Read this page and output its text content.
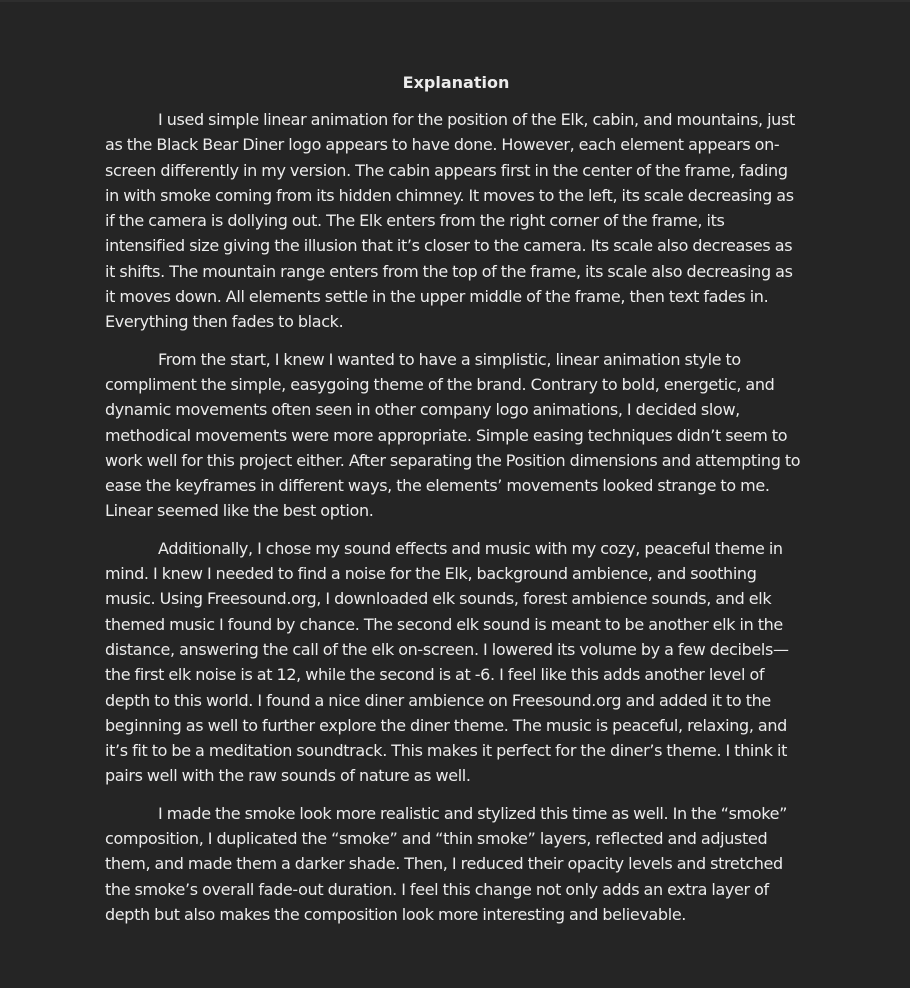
Explanation

I used simple linear animation for the position of the Elk, cabin, and mountains, just as the Black Bear Diner logo appears to have done. However, each element appears on-screen differently in my version. The cabin appears first in the center of the frame, fading in with smoke coming from its hidden chimney. It moves to the left, its scale decreasing as if the camera is dollying out. The Elk enters from the right corner of the frame, its intensified size giving the illusion that it’s closer to the camera. Its scale also decreases as it shifts. The mountain range enters from the top of the frame, its scale also decreasing as it moves down. All elements settle in the upper middle of the frame, then text fades in. Everything then fades to black.

From the start, I knew I wanted to have a simplistic, linear animation style to compliment the simple, easygoing theme of the brand. Contrary to bold, energetic, and dynamic movements often seen in other company logo animations, I decided slow, methodical movements were more appropriate. Simple easing techniques didn’t seem to work well for this project either. After separating the Position dimensions and attempting to ease the keyframes in different ways, the elements’ movements looked strange to me. Linear seemed like the best option.

Additionally, I chose my sound effects and music with my cozy, peaceful theme in mind. I knew I needed to find a noise for the Elk, background ambience, and soothing music. Using Freesound.org, I downloaded elk sounds, forest ambience sounds, and elk themed music I found by chance. The second elk sound is meant to be another elk in the distance, answering the call of the elk on-screen. I lowered its volume by a few decibels—the first elk noise is at 12, while the second is at -6. I feel like this adds another level of depth to this world. I found a nice diner ambience on Freesound.org and added it to the beginning as well to further explore the diner theme. The music is peaceful, relaxing, and it’s fit to be a meditation soundtrack. This makes it perfect for the diner’s theme. I think it pairs well with the raw sounds of nature as well.

I made the smoke look more realistic and stylized this time as well. In the “smoke” composition, I duplicated the “smoke” and “thin smoke” layers, reflected and adjusted them, and made them a darker shade. Then, I reduced their opacity levels and stretched the smoke’s overall fade-out duration. I feel this change not only adds an extra layer of depth but also makes the composition look more interesting and believable.
